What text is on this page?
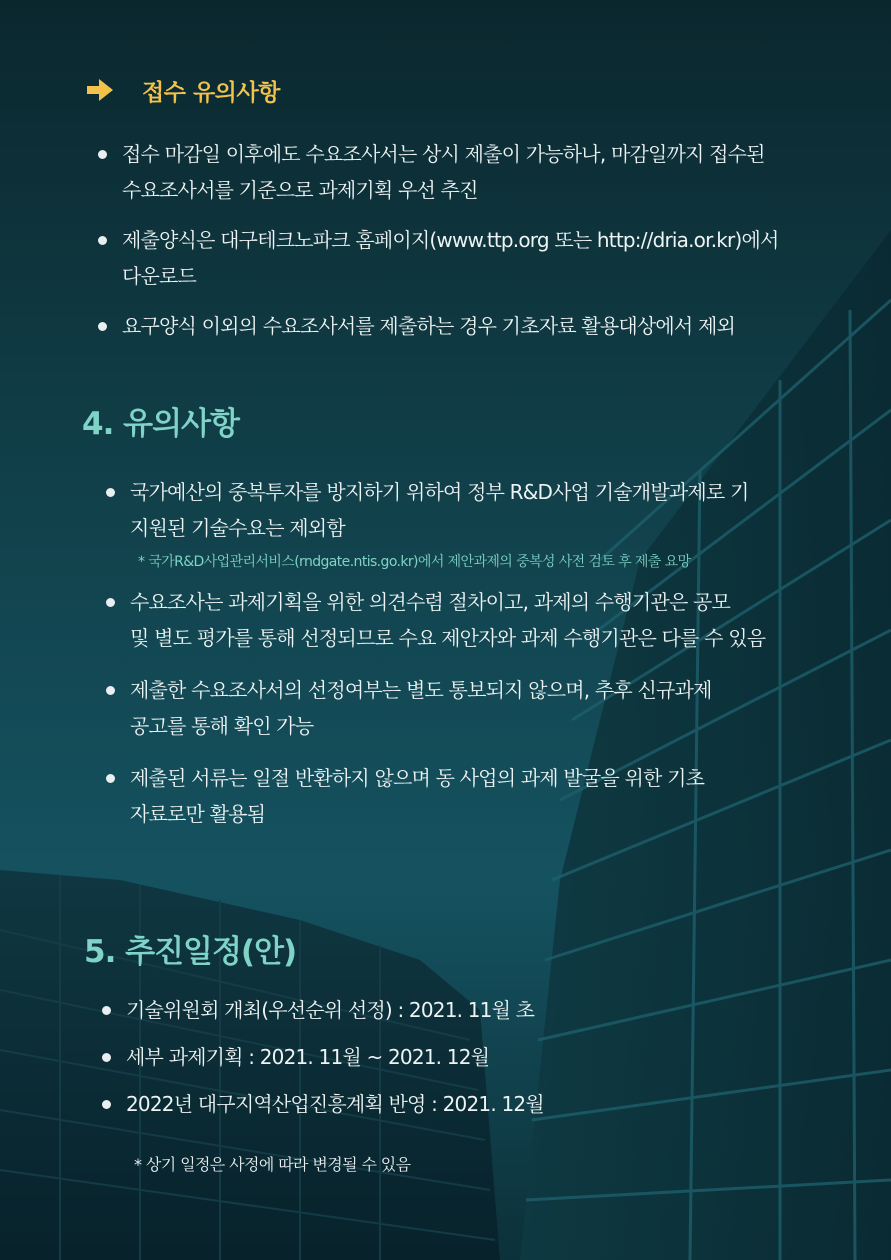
접수 유의사항
접수 마감일 이후에도 수요조사서는 상시 제출이 가능하나, 마감일까지 접수된
수요조사서를 기준으로 과제기획 우선 추진
제출양식은 대구테크노파크 홈페이지(www.ttp.org 또는 http://dria.or.kr)에서
다운로드
요구양식 이외의 수요조사서를 제출하는 경우 기초자료 활용대상에서 제외
4. 유의사항
국가예산의 중복투자를 방지하기 위하여 정부 R&D사업 기술개발과제로 기
지원된 기술수요는 제외함
* 국가R&D사업관리서비스(rndgate.ntis.go.kr)에서 제안과제의 중복성 사전 검토 후 제출 요망
수요조사는 과제기획을 위한 의견수렴 절차이고, 과제의 수행기관은 공모
및 별도 평가를 통해 선정되므로 수요 제안자와 과제 수행기관은 다를 수 있음
제출한 수요조사서의 선정여부는 별도 통보되지 않으며, 추후 신규과제
공고를 통해 확인 가능
제출된 서류는 일절 반환하지 않으며 동 사업의 과제 발굴을 위한 기초
자료로만 활용됨
5. 추진일정(안)
기술위원회 개최(우선순위 선정) : 2021. 11월 초
세부 과제기획 : 2021. 11월 ~ 2021. 12월
2022년 대구지역산업진흥계획 반영 : 2021. 12월
* 상기 일정은 사정에 따라 변경될 수 있음
